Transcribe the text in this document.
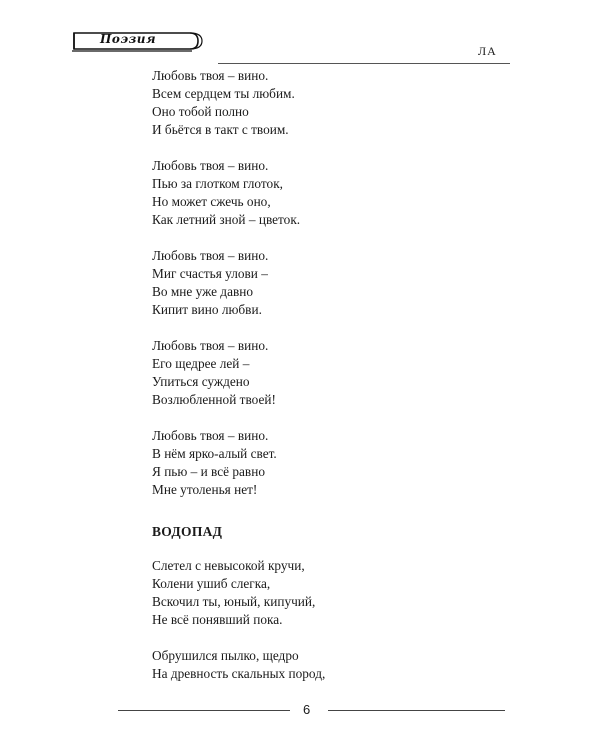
Поэзия
ЛА
Любовь твоя – вино.
Всем сердцем ты любим.
Оно тобой полно
И бьётся в такт с твоим.
Любовь твоя – вино.
Пью за глотком глоток,
Но может сжечь оно,
Как летний зной – цветок.
Любовь твоя – вино.
Миг счастья улови –
Во мне уже давно
Кипит вино любви.
Любовь твоя – вино.
Его щедрее лей –
Упиться суждено
Возлюбленной твоей!
Любовь твоя – вино.
В нём ярко-алый свет.
Я пью – и всё равно
Мне утоленья нет!
ВОДОПАД
Слетел с невысокой кручи,
Колени ушиб слегка,
Вскочил ты, юный, кипучий,
Не всё понявший пока.
Обрушился пылко, щедро
На древность скальных пород,
6
